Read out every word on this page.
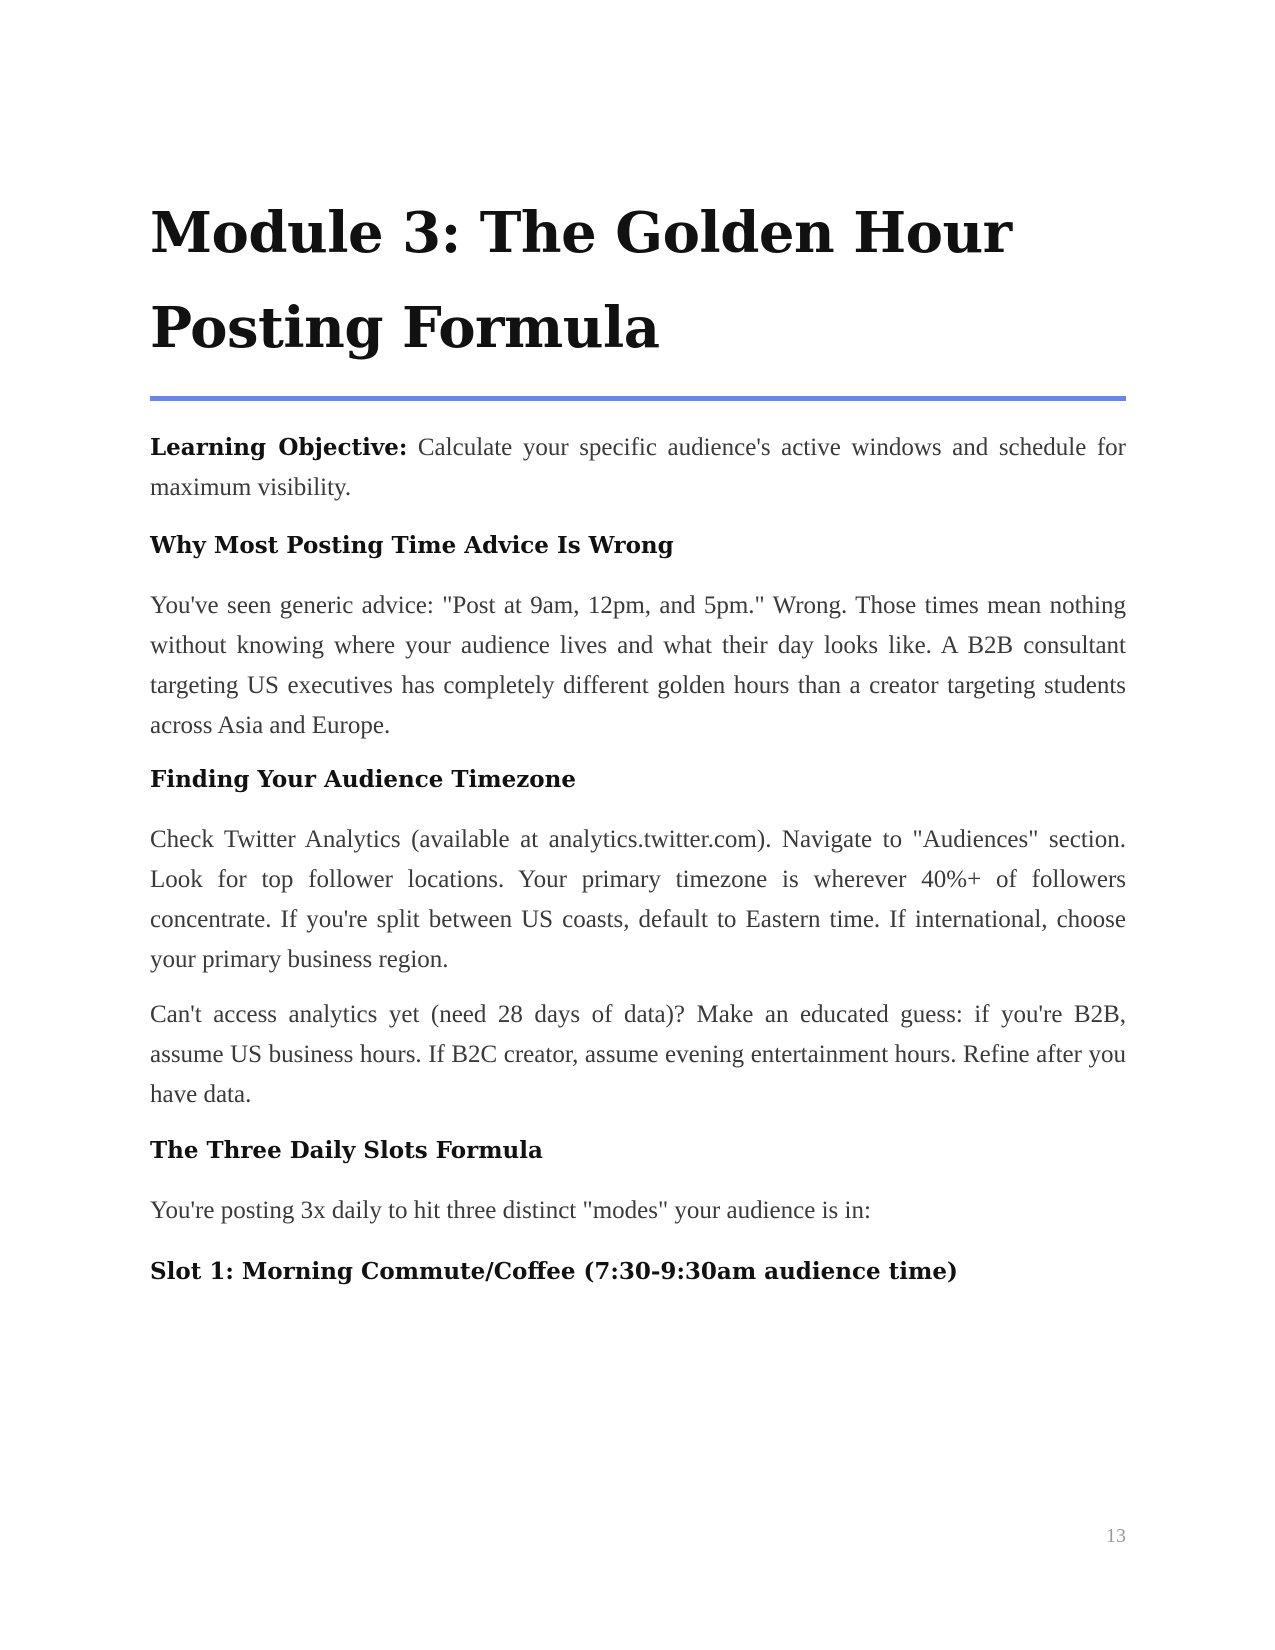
Module 3: The Golden Hour Posting Formula

Learning Objective: Calculate your specific audience's active windows and schedule for maximum visibility.

Why Most Posting Time Advice Is Wrong

You've seen generic advice: "Post at 9am, 12pm, and 5pm." Wrong. Those times mean nothing without knowing where your audience lives and what their day looks like. A B2B consultant targeting US executives has completely different golden hours than a creator targeting students across Asia and Europe.

Finding Your Audience Timezone

Check Twitter Analytics (available at analytics.twitter.com). Navigate to "Audiences" section. Look for top follower locations. Your primary timezone is wherever 40%+ of followers concentrate. If you're split between US coasts, default to Eastern time. If international, choose your primary business region.

Can't access analytics yet (need 28 days of data)? Make an educated guess: if you're B2B, assume US business hours. If B2C creator, assume evening entertainment hours. Refine after you have data.

The Three Daily Slots Formula

You're posting 3x daily to hit three distinct "modes" your audience is in:

Slot 1: Morning Commute/Coffee (7:30-9:30am audience time)
13
